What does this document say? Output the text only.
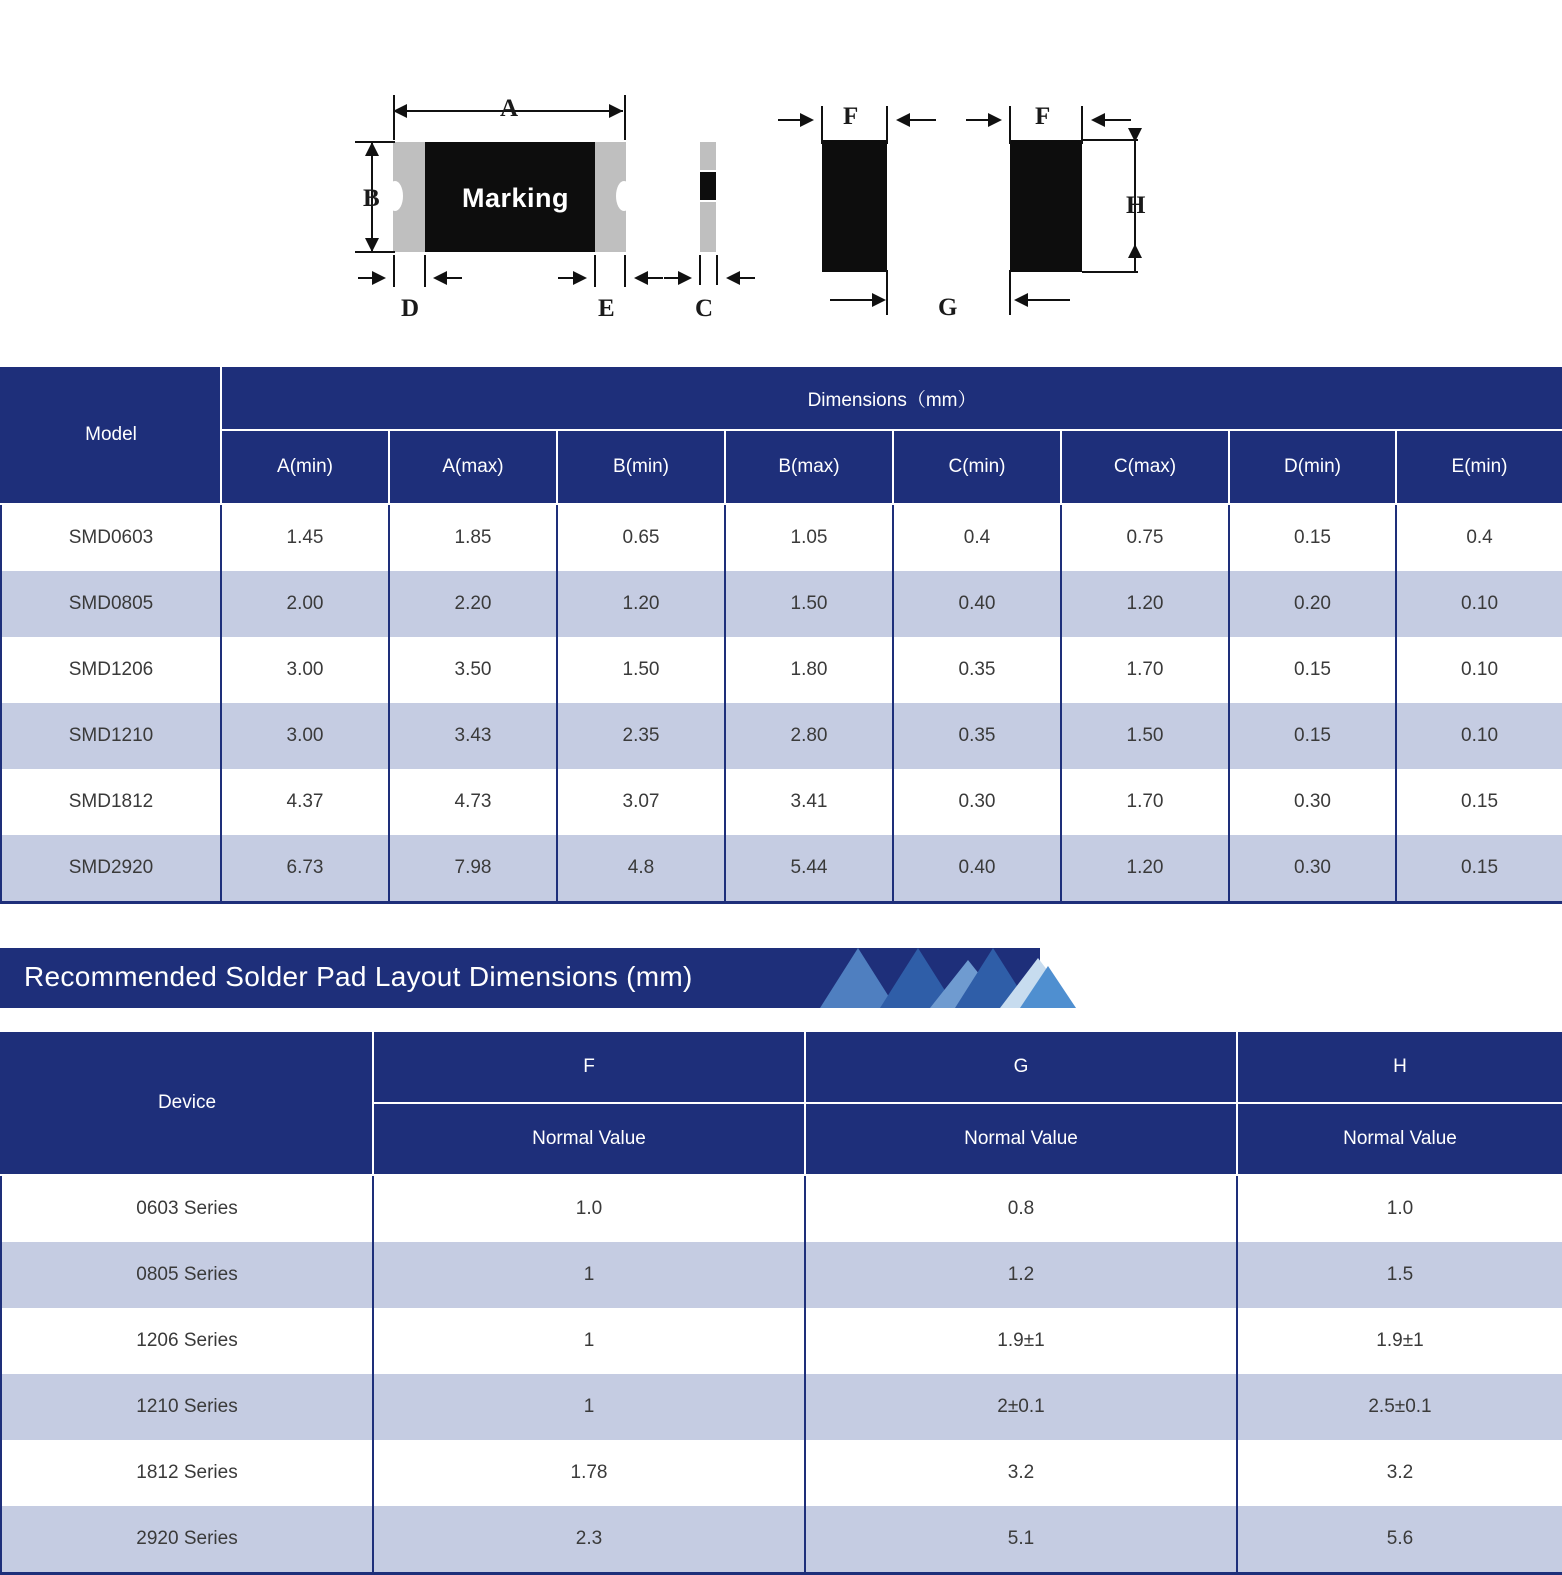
Marking
A
B
D	E	C
F	F
G
H
Model	Dimensions（mm）							
	A(min)	A(max)	B(min)	B(max)	C(min)	C(max)	D(min)	E(min)
SMD0603	1.45	1.85	0.65	1.05	0.4	0.75	0.15	0.4
SMD0805	2.00	2.20	1.20	1.50	0.40	1.20	0.20	0.10
SMD1206	3.00	3.50	1.50	1.80	0.35	1.70	0.15	0.10
SMD1210	3.00	3.43	2.35	2.80	0.35	1.50	0.15	0.10
SMD1812	4.37	4.73	3.07	3.41	0.30	1.70	0.30	0.15
SMD2920	6.73	7.98	4.8	5.44	0.40	1.20	0.30	0.15
Recommended Solder Pad Layout Dimensions (mm)
Device	F	G	H
	Normal Value	Normal Value	Normal Value
0603 Series	1.0	0.8	1.0
0805 Series	1	1.2	1.5
1206 Series	1	1.9±1	1.9±1
1210 Series	1	2±0.1	2.5±0.1
1812 Series	1.78	3.2	3.2
2920 Series	2.3	5.1	5.6
